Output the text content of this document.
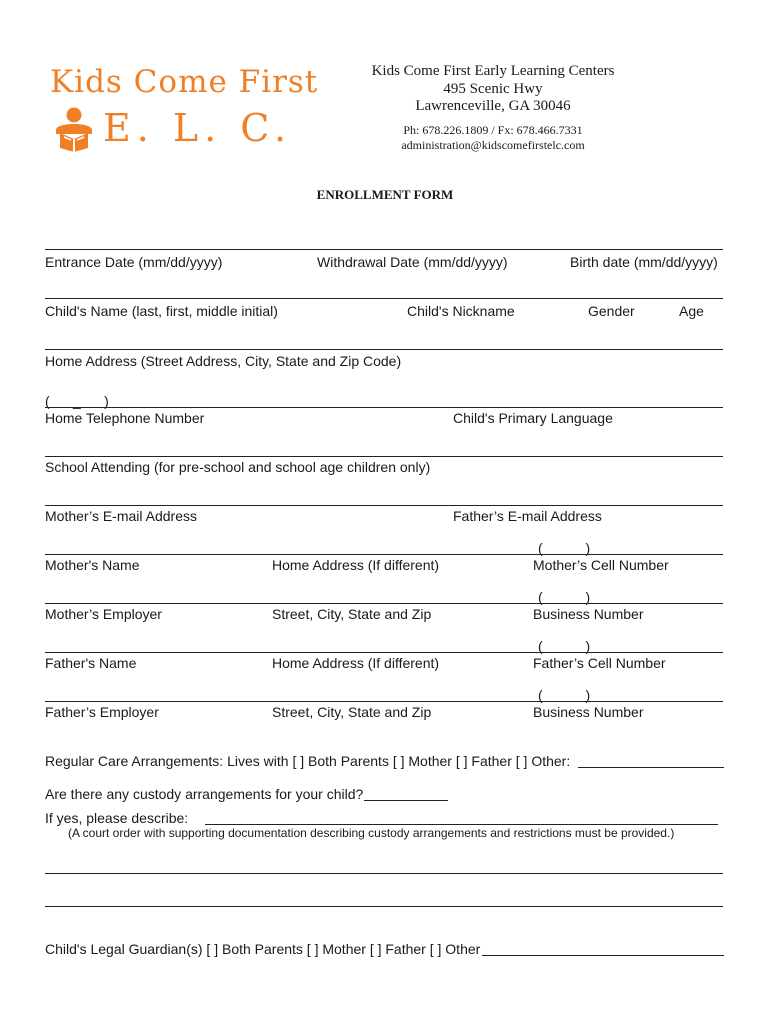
Kids Come First
E. L. C.
Kids Come First Early Learning Centers
495 Scenic Hwy
Lawrenceville, GA 30046
Ph: 678.226.1809 / Fx: 678.466.7331
administration@kidscomefirstelc.com
ENROLLMENT FORM
Entrance Date (mm/dd/yyyy)	Withdrawal Date (mm/dd/yyyy)	Birth date (mm/dd/yyyy)
Child's Name (last, first, middle initial)	Child's Nickname	Gender	Age
Home Address (Street Address, City, State and Zip Code)
(      _      )
Home Telephone Number	Child's Primary Language
School Attending (for pre-school and school age children only)
Mother’s E-mail Address	Father’s E-mail Address
(           )
Mother's Name	Home Address (If different)	Mother’s Cell Number
(           )
Mother’s Employer	Street, City, State and Zip	Business Number
(           )
Father's Name	Home Address (If different)	Father’s Cell Number
(           )
Father’s Employer	Street, City, State and Zip	Business Number
Regular Care Arrangements: Lives with [ ] Both Parents [ ] Mother [ ] Father [ ] Other:
Are there any custody arrangements for your child?
If yes, please describe:
(A court order with supporting documentation describing custody arrangements and restrictions must be provided.)
Child's Legal Guardian(s) [ ] Both Parents [ ] Mother [ ] Father [ ] Other
